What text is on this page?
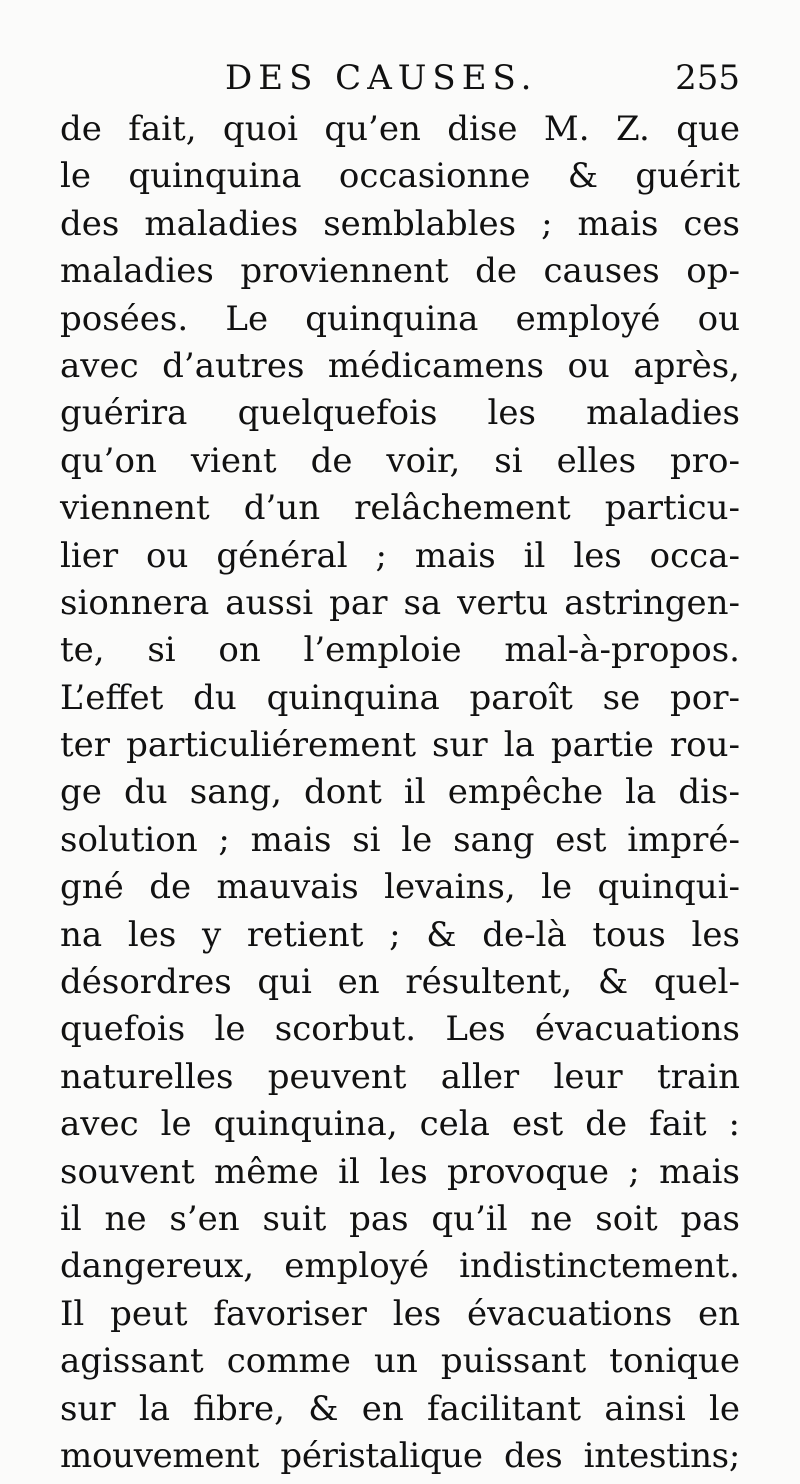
DES CAUSES.	255
de fait, quoi qu’en dise M. Z. que
le quinquina occasionne & guérit
des maladies semblables ; mais ces
maladies proviennent de causes op-
posées. Le quinquina employé ou
avec d’autres médicamens ou après,
guérira quelquefois les maladies
qu’on vient de voir, si elles pro-
viennent d’un relâchement particu-
lier ou général ; mais il les occa-
sionnera aussi par sa vertu astringen-
te, si on l’emploie mal-à-propos.
L’effet du quinquina paroît se por-
ter particuliérement sur la partie rou-
ge du sang, dont il empêche la dis-
solution ; mais si le sang est impré-
gné de mauvais levains, le quinqui-
na les y retient ; & de-là tous les
désordres qui en résultent, & quel-
quefois le scorbut. Les évacuations
naturelles peuvent aller leur train
avec le quinquina, cela est de fait :
souvent même il les provoque ; mais
il ne s’en suit pas qu’il ne soit pas
dangereux, employé indistinctement.
Il peut favoriser les évacuations en
agissant comme un puissant tonique
sur la fibre, & en facilitant ainsi le
mouvement péristalique des intestins;
